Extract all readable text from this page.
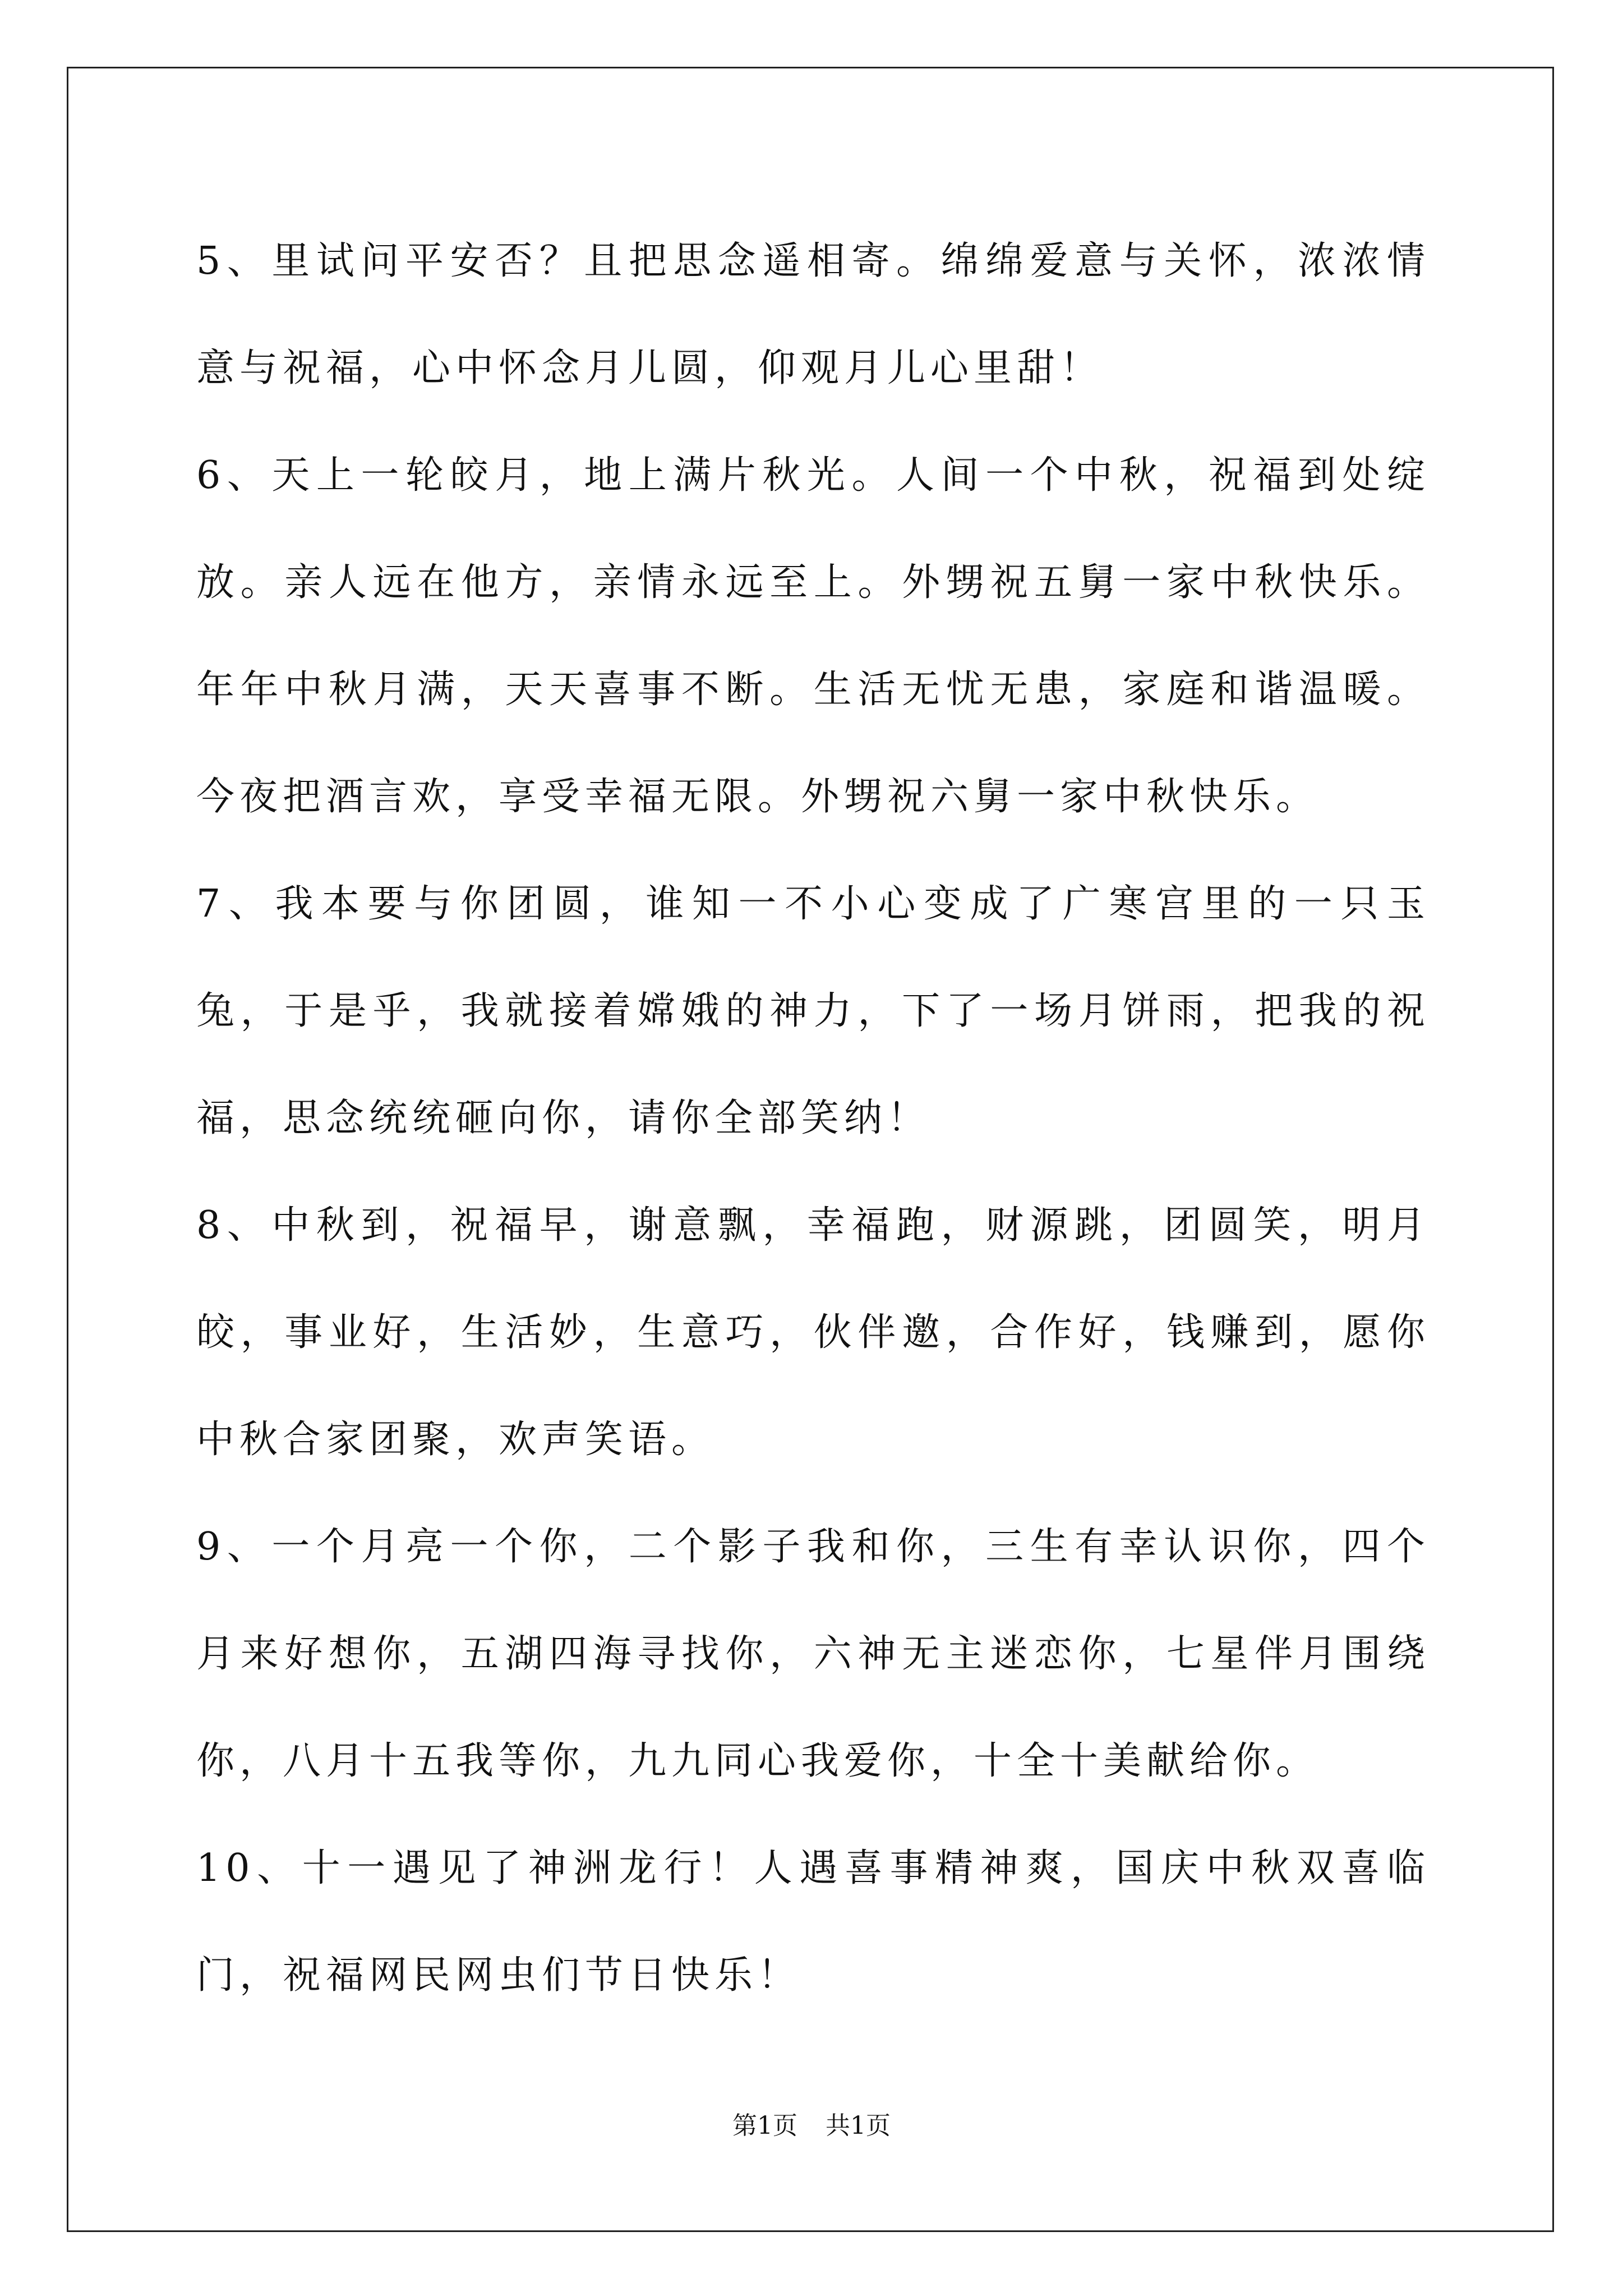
5、里试问平安否？且把思念遥相寄。绵绵爱意与关怀，浓浓情意与祝福，心中怀念月儿圆，仰观月儿心里甜！

6、天上一轮皎月，地上满片秋光。人间一个中秋，祝福到处绽放。亲人远在他方，亲情永远至上。外甥祝五舅一家中秋快乐。 年年中秋月满，天天喜事不断。生活无忧无患，家庭和谐温暖。今夜把酒言欢，享受幸福无限。外甥祝六舅一家中秋快乐。

7、我本要与你团圆，谁知一不小心变成了广寒宫里的一只玉兔，于是乎，我就接着嫦娥的神力，下了一场月饼雨，把我的祝福，思念统统砸向你，请你全部笑纳！

8、中秋到，祝福早，谢意飘，幸福跑，财源跳，团圆笑，明月皎，事业好，生活妙，生意巧，伙伴邀，合作好，钱赚到，愿你中秋合家团聚，欢声笑语。

9、一个月亮一个你，二个影子我和你，三生有幸认识你，四个月来好想你，五湖四海寻找你，六神无主迷恋你，七星伴月围绕你，八月十五我等你，九九同心我爱你，十全十美献给你。

10、十一遇见了神洲龙行！人遇喜事精神爽，国庆中秋双喜临门，祝福网民网虫们节日快乐！

第1页 共1页
